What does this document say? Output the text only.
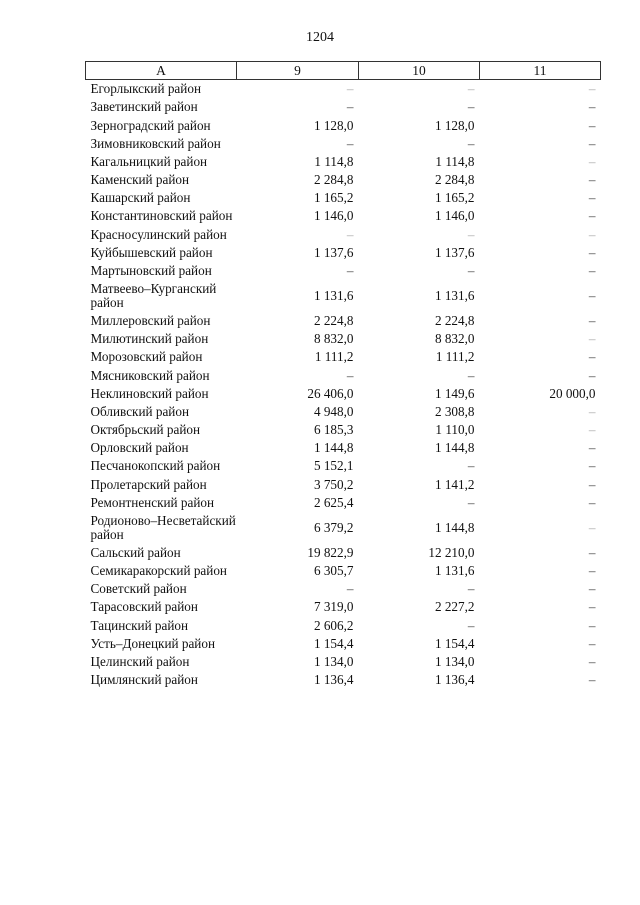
1204
А	9	10	11
Егорлыкский район	–	–	–
Заветинский район	–	–	–
Зерноградский район	1 128,0	1 128,0	–
Зимовниковский район	–	–	–
Кагальницкий район	1 114,8	1 114,8	–
Каменский район	2 284,8	2 284,8	–
Кашарский район	1 165,2	1 165,2	–
Константиновский район	1 146,0	1 146,0	–
Красносулинский район	–	–	–
Куйбышевский район	1 137,6	1 137,6	–
Мартыновский район	–	–	–
Матвеево–Курганский район	1 131,6	1 131,6	–
Миллеровский район	2 224,8	2 224,8	–
Милютинский район	8 832,0	8 832,0	–
Морозовский район	1 111,2	1 111,2	–
Мясниковский район	–	–	–
Неклиновский район	26 406,0	1 149,6	20 000,0
Обливский район	4 948,0	2 308,8	–
Октябрьский район	6 185,3	1 110,0	–
Орловский район	1 144,8	1 144,8	–
Песчанокопский район	5 152,1	–	–
Пролетарский район	3 750,2	1 141,2	–
Ремонтненский район	2 625,4	–	–
Родионово–Несветайский район	6 379,2	1 144,8	–
Сальский район	19 822,9	12 210,0	–
Семикаракорский район	6 305,7	1 131,6	–
Советский район	–	–	–
Тарасовский район	7 319,0	2 227,2	–
Тацинский район	2 606,2	–	–
Усть–Донецкий район	1 154,4	1 154,4	–
Целинский район	1 134,0	1 134,0	–
Цимлянский район	1 136,4	1 136,4	–
